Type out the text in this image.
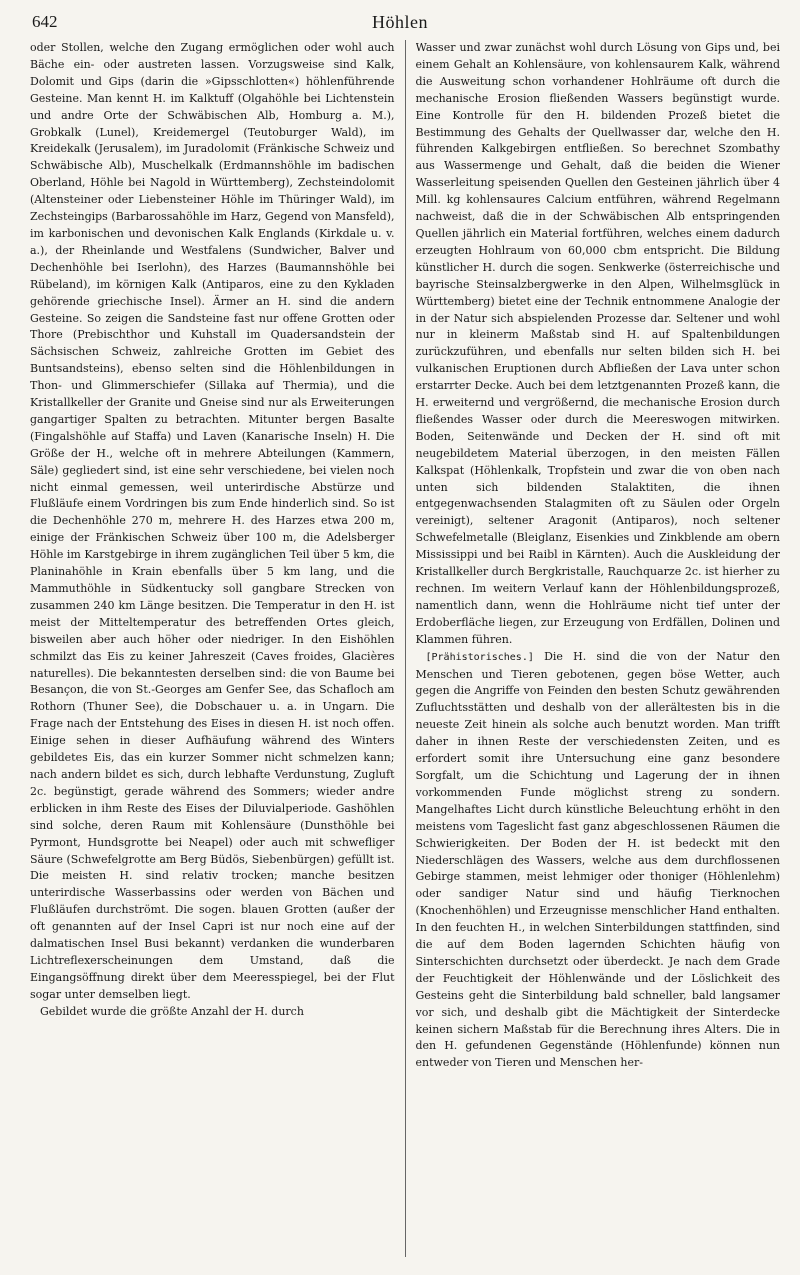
642	Höhlen

oder Stollen, welche den Zugang ermöglichen oder wohl auch Bäche ein- oder austreten lassen. Vorzugsweise sind Kalk, Dolomit und Gips (darin die »Gipsschlotten«) höhlenführende Gesteine. Man kennt H. im Kalktuff (Olgahöhle bei Lichtenstein und andre Orte der Schwäbischen Alb, Homburg a. M.), Grobkalk (Lunel), Kreidemergel (Teutoburger Wald), im Kreidekalk (Jerusalem), im Juradolomit (Fränkische Schweiz und Schwäbische Alb), Muschelkalk (Erdmannshöhle im badischen Oberland, Höhle bei Nagold in Württemberg), Zechsteindolomit (Altensteiner oder Liebensteiner Höhle im Thüringer Wald), im Zechsteingips (Barbarossahöhle im Harz, Gegend von Mansfeld), im karbonischen und devonischen Kalk Englands (Kirkdale u. v. a.), der Rheinlande und Westfalens (Sundwicher, Balver und Dechenhöhle bei Iserlohn), des Harzes (Baumannshöhle bei Rübeland), im körnigen Kalk (Antiparos, eine zu den Kykladen gehörende griechische Insel). Ärmer an H. sind die andern Gesteine. So zeigen die Sandsteine fast nur offene Grotten oder Thore (Prebischthor und Kuhstall im Quadersandstein der Sächsischen Schweiz, zahlreiche Grotten im Gebiet des Buntsandsteins), ebenso selten sind die Höhlenbildungen in Thon- und Glimmerschiefer (Sillaka auf Thermia), und die Kristallkeller der Granite und Gneise sind nur als Erweiterungen gangartiger Spalten zu betrachten. Mitunter bergen Basalte (Fingalshöhle auf Staffa) und Laven (Kanarische Inseln) H. Die Größe der H., welche oft in mehrere Abteilungen (Kammern, Säle) gegliedert sind, ist eine sehr verschiedene, bei vielen noch nicht einmal gemessen, weil unterirdische Abstürze und Flußläufe einem Vordringen bis zum Ende hinderlich sind. So ist die Dechenhöhle 270 m, mehrere H. des Harzes etwa 200 m, einige der Fränkischen Schweiz über 100 m, die Adelsberger Höhle im Karstgebirge in ihrem zugänglichen Teil über 5 km, die Planinahöhle in Krain ebenfalls über 5 km lang, und die Mammuthöhle in Südkentucky soll gangbare Strecken von zusammen 240 km Länge besitzen. Die Temperatur in den H. ist meist der Mitteltemperatur des betreffenden Ortes gleich, bisweilen aber auch höher oder niedriger. In den Eishöhlen schmilzt das Eis zu keiner Jahreszeit (Caves froides, Glacières naturelles). Die bekanntesten derselben sind: die von Baume bei Besançon, die von St.-Georges am Genfer See, das Schafloch am Rothorn (Thuner See), die Dobschauer u. a. in Ungarn. Die Frage nach der Entstehung des Eises in diesen H. ist noch offen. Einige sehen in dieser Aufhäufung während des Winters gebildetes Eis, das ein kurzer Sommer nicht schmelzen kann; nach andern bildet es sich, durch lebhafte Verdunstung, Zugluft 2c. begünstigt, gerade während des Sommers; wieder andre erblicken in ihm Reste des Eises der Diluvialperiode. Gashöhlen sind solche, deren Raum mit Kohlensäure (Dunsthöhle bei Pyrmont, Hundsgrotte bei Neapel) oder auch mit schwefliger Säure (Schwefelgrotte am Berg Büdös, Siebenbürgen) gefüllt ist. Die meisten H. sind relativ trocken; manche besitzen unterirdische Wasserbassins oder werden von Bächen und Flußläufen durchströmt. Die sogen. blauen Grotten (außer der oft genannten auf der Insel Capri ist nur noch eine auf der dalmatischen Insel Busi bekannt) verdanken die wunderbaren Lichtreflexerscheinungen dem Umstand, daß die Eingangsöffnung direkt über dem Meeresspiegel, bei der Flut sogar unter demselben liegt.

Gebildet wurde die größte Anzahl der H. durch

Wasser und zwar zunächst wohl durch Lösung von Gips und, bei einem Gehalt an Kohlensäure, von kohlensaurem Kalk, während die Ausweitung schon vorhandener Hohlräume oft durch die mechanische Erosion fließenden Wassers begünstigt wurde. Eine Kontrolle für den H. bildenden Prozeß bietet die Bestimmung des Gehalts der Quellwasser dar, welche den H. führenden Kalkgebirgen entfließen. So berechnet Szombathy aus Wassermenge und Gehalt, daß die beiden die Wiener Wasserleitung speisenden Quellen den Gesteinen jährlich über 4 Mill. kg kohlensaures Calcium entführen, während Regelmann nachweist, daß die in der Schwäbischen Alb entspringenden Quellen jährlich ein Material fortführen, welches einem dadurch erzeugten Hohlraum von 60,000 cbm entspricht. Die Bildung künstlicher H. durch die sogen. Senkwerke (österreichische und bayrische Steinsalzbergwerke in den Alpen, Wilhelmsglück in Württemberg) bietet eine der Technik entnommene Analogie der in der Natur sich abspielenden Prozesse dar. Seltener und wohl nur in kleinerm Maßstab sind H. auf Spaltenbildungen zurückzuführen, und ebenfalls nur selten bilden sich H. bei vulkanischen Eruptionen durch Abfließen der Lava unter schon erstarrter Decke. Auch bei dem letztgenannten Prozeß kann, die H. erweiternd und vergrößernd, die mechanische Erosion durch fließendes Wasser oder durch die Meereswogen mitwirken. Boden, Seitenwände und Decken der H. sind oft mit neugebildetem Material überzogen, in den meisten Fällen Kalkspat (Höhlenkalk, Tropfstein und zwar die von oben nach unten sich bildenden Stalaktiten, die ihnen entgegenwachsenden Stalagmiten oft zu Säulen oder Orgeln vereinigt), seltener Aragonit (Antiparos), noch seltener Schwefelmetalle (Bleiglanz, Eisenkies und Zinkblende am obern Mississippi und bei Raibl in Kärnten). Auch die Auskleidung der Kristallkeller durch Bergkristalle, Rauchquarze 2c. ist hierher zu rechnen. Im weitern Verlauf kann der Höhlenbildungsprozeß, namentlich dann, wenn die Hohlräume nicht tief unter der Erdoberfläche liegen, zur Erzeugung von Erdfällen, Dolinen und Klammen führen.

[Prähistorisches.] Die H. sind die von der Natur den Menschen und Tieren gebotenen, gegen böse Wetter, auch gegen die Angriffe von Feinden den besten Schutz gewährenden Zufluchtsstätten und deshalb von der allerältesten bis in die neueste Zeit hinein als solche auch benutzt worden. Man trifft daher in ihnen Reste der verschiedensten Zeiten, und es erfordert somit ihre Untersuchung eine ganz besondere Sorgfalt, um die Schichtung und Lagerung der in ihnen vorkommenden Funde möglichst streng zu sondern. Mangelhaftes Licht durch künstliche Beleuchtung erhöht in den meistens vom Tageslicht fast ganz abgeschlossenen Räumen die Schwierigkeiten. Der Boden der H. ist bedeckt mit den Niederschlägen des Wassers, welche aus dem durchflossenen Gebirge stammen, meist lehmiger oder thoniger (Höhlenlehm) oder sandiger Natur sind und häufig Tierknochen (Knochenhöhlen) und Erzeugnisse menschlicher Hand enthalten. In den feuchten H., in welchen Sinterbildungen stattfinden, sind die auf dem Boden lagernden Schichten häufig von Sinterschichten durchsetzt oder überdeckt. Je nach dem Grade der Feuchtigkeit der Höhlenwände und der Löslichkeit des Gesteins geht die Sinterbildung bald schneller, bald langsamer vor sich, und deshalb gibt die Mächtigkeit der Sinterdecke keinen sichern Maßstab für die Berechnung ihres Alters. Die in den H. gefundenen Gegenstände (Höhlenfunde) können nun entweder von Tieren und Menschen her-
